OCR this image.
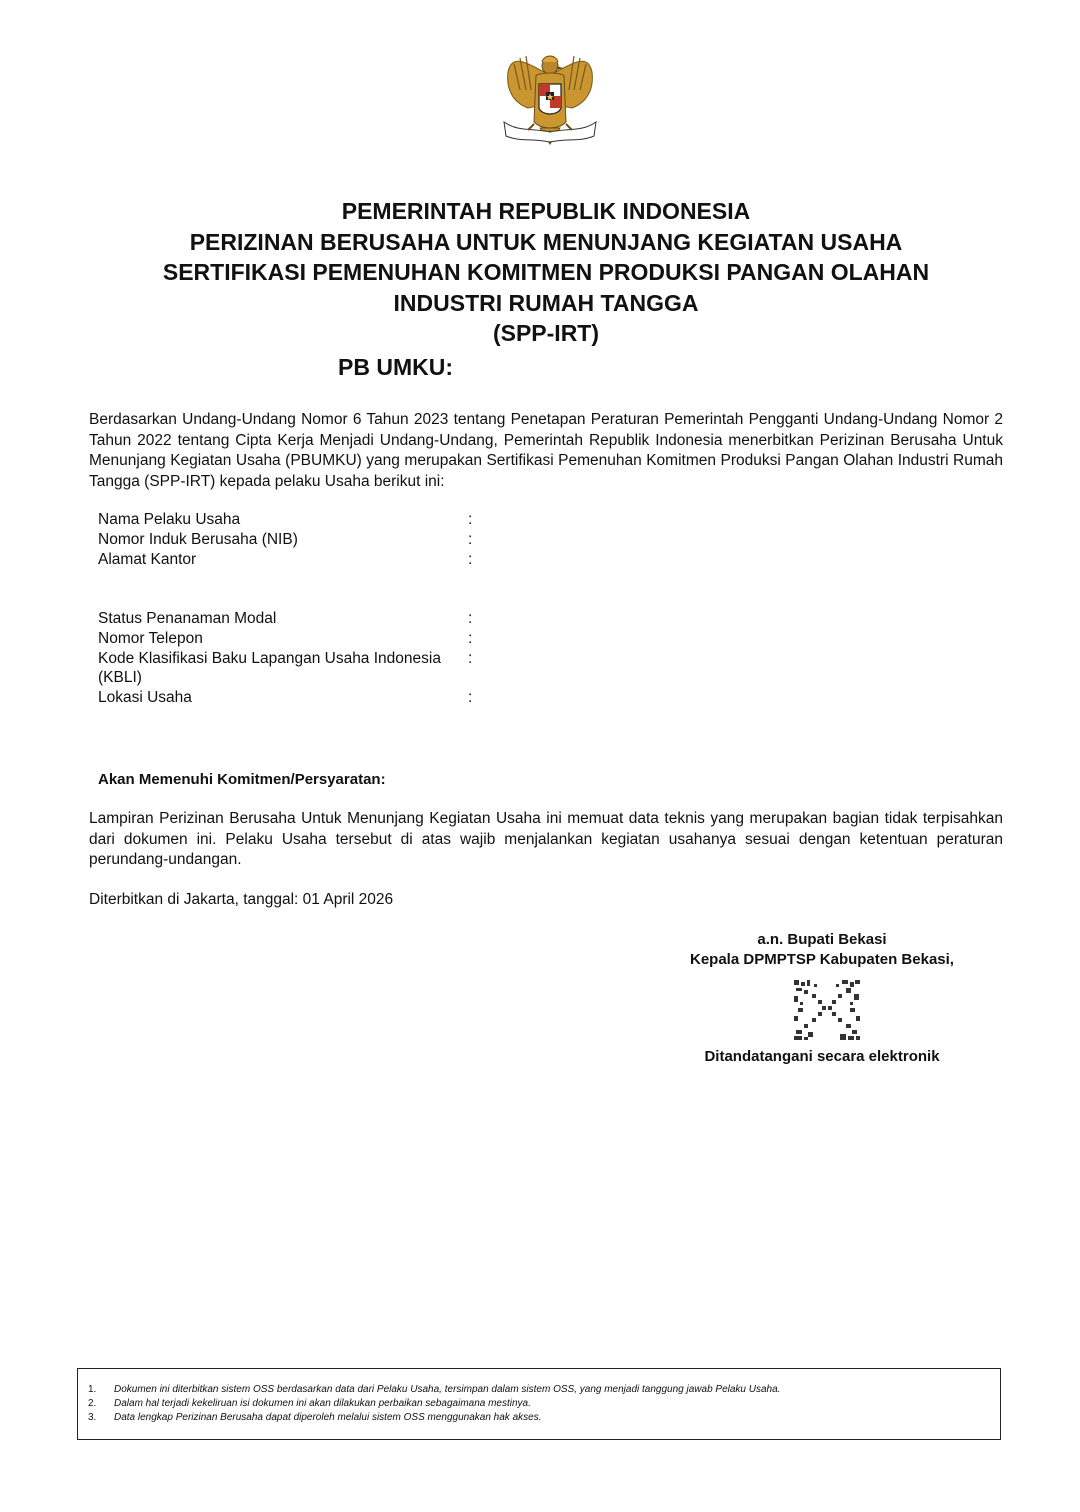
PEMERINTAH REPUBLIK INDONESIA
PERIZINAN BERUSAHA UNTUK MENUNJANG KEGIATAN USAHA
SERTIFIKASI PEMENUHAN KOMITMEN PRODUKSI PANGAN OLAHAN
INDUSTRI RUMAH TANGGA
(SPP-IRT)
PB UMKU:
Berdasarkan Undang-Undang Nomor 6 Tahun 2023 tentang Penetapan Peraturan Pemerintah Pengganti Undang-Undang Nomor 2 Tahun 2022 tentang Cipta Kerja Menjadi Undang-Undang, Pemerintah Republik Indonesia menerbitkan Perizinan Berusaha Untuk Menunjang Kegiatan Usaha (PBUMKU) yang merupakan Sertifikasi Pemenuhan Komitmen Produksi Pangan Olahan Industri Rumah Tangga (SPP-IRT) kepada pelaku Usaha berikut ini:
Nama Pelaku Usaha	:
Nomor Induk Berusaha (NIB)	:
Alamat Kantor	:
Status Penanaman Modal	:
Nomor Telepon	:
Kode Klasifikasi Baku Lapangan Usaha Indonesia	:
(KBLI)
Lokasi Usaha	:
Akan Memenuhi Komitmen/Persyaratan:
Lampiran Perizinan Berusaha Untuk Menunjang Kegiatan Usaha ini memuat data teknis yang merupakan bagian tidak terpisahkan dari dokumen ini. Pelaku Usaha tersebut di atas wajib menjalankan kegiatan usahanya sesuai dengan ketentuan peraturan perundang-undangan.
Diterbitkan di Jakarta, tanggal: 01 April 2026
a.n. Bupati Bekasi
Kepala DPMPTSP Kabupaten Bekasi,
Ditandatangani secara elektronik
1.	Dokumen ini diterbitkan sistem OSS berdasarkan data dari Pelaku Usaha, tersimpan dalam sistem OSS, yang menjadi tanggung jawab Pelaku Usaha.
2.	Dalam hal terjadi kekeliruan isi dokumen ini akan dilakukan perbaikan sebagaimana mestinya.
3.	Data lengkap Perizinan Berusaha dapat diperoleh melalui sistem OSS menggunakan hak akses.
